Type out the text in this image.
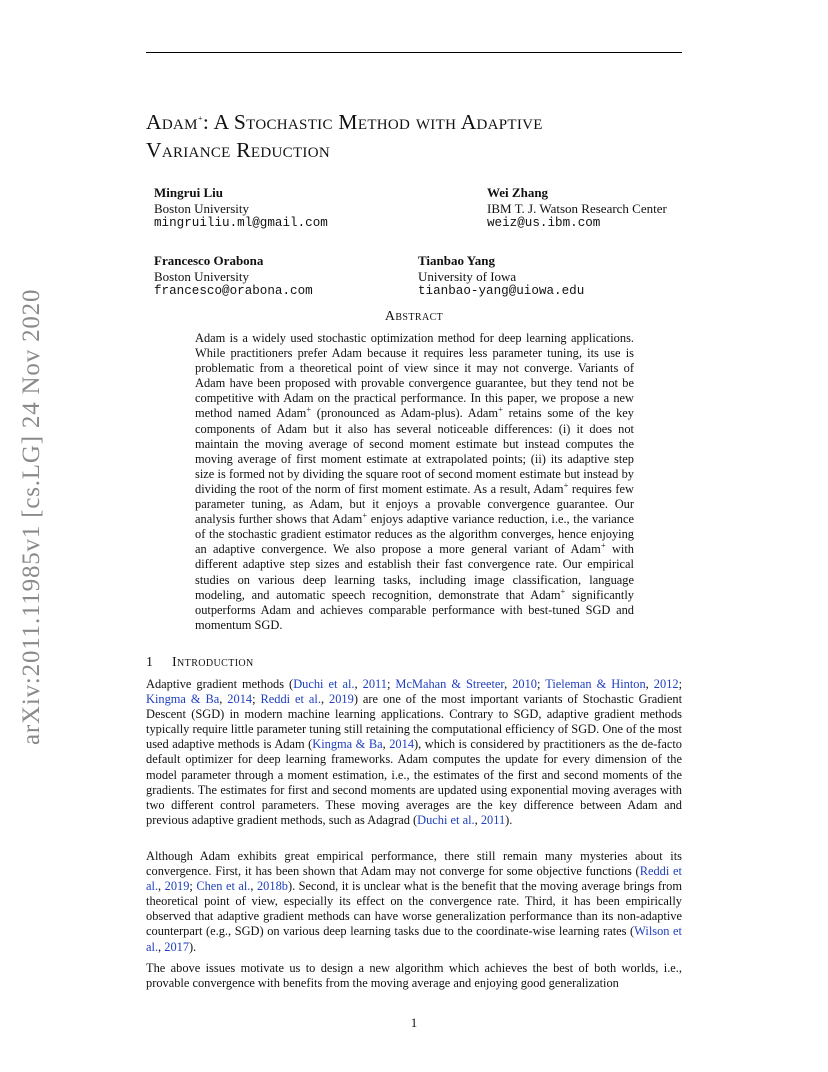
Adam+: A Stochastic Method with Adaptive
Variance Reduction
Mingrui Liu
Boston University
mingruiliu.ml@gmail.com
Wei Zhang
IBM T. J. Watson Research Center
weiz@us.ibm.com
Francesco Orabona
Boston University
francesco@orabona.com
Tianbao Yang
University of Iowa
tianbao-yang@uiowa.edu
Abstract
Adam is a widely used stochastic optimization method for deep learning applications. While practitioners prefer Adam because it requires less parameter tuning, its use is problematic from a theoretical point of view since it may not converge. Variants of Adam have been proposed with provable convergence guarantee, but they tend not be competitive with Adam on the practical performance. In this paper, we propose a new method named Adam+ (pronounced as Adam-plus). Adam+ retains some of the key components of Adam but it also has several noticeable differences: (i) it does not maintain the moving average of second moment estimate but instead computes the moving average of first moment estimate at extrapolated points; (ii) its adaptive step size is formed not by dividing the square root of second moment estimate but instead by dividing the root of the norm of first moment estimate. As a result, Adam+ requires few parameter tuning, as Adam, but it enjoys a provable convergence guarantee. Our analysis further shows that Adam+ enjoys adaptive variance reduction, i.e., the variance of the stochastic gradient estimator reduces as the algorithm converges, hence enjoying an adaptive convergence. We also propose a more general variant of Adam+ with different adaptive step sizes and establish their fast convergence rate. Our empirical studies on various deep learning tasks, including image classification, language modeling, and automatic speech recognition, demonstrate that Adam+ significantly outperforms Adam and achieves comparable performance with best-tuned SGD and momentum SGD.
1 Introduction

Adaptive gradient methods (Duchi et al., 2011; McMahan & Streeter, 2010; Tieleman & Hinton, 2012; Kingma & Ba, 2014; Reddi et al., 2019) are one of the most important variants of Stochastic Gradient Descent (SGD) in modern machine learning applications. Contrary to SGD, adaptive gradient methods typically require little parameter tuning still retaining the computational efficiency of SGD. One of the most used adaptive methods is Adam (Kingma & Ba, 2014), which is considered by practitioners as the de-facto default optimizer for deep learning frameworks. Adam computes the update for every dimension of the model parameter through a moment estimation, i.e., the estimates of the first and second moments of the gradients. The estimates for first and second moments are updated using exponential moving averages with two different control parameters. These moving averages are the key difference between Adam and previous adaptive gradient methods, such as Adagrad (Duchi et al., 2011).

Although Adam exhibits great empirical performance, there still remain many mysteries about its convergence. First, it has been shown that Adam may not converge for some objective functions (Reddi et al., 2019; Chen et al., 2018b). Second, it is unclear what is the benefit that the moving average brings from theoretical point of view, especially its effect on the convergence rate. Third, it has been empirically observed that adaptive gradient methods can have worse generalization performance than its non-adaptive counterpart (e.g., SGD) on various deep learning tasks due to the coordinate-wise learning rates (Wilson et al., 2017).

The above issues motivate us to design a new algorithm which achieves the best of both worlds, i.e., provable convergence with benefits from the moving average and enjoying good generalization

arXiv:2011.11985v1 [cs.LG] 24 Nov 2020
1
